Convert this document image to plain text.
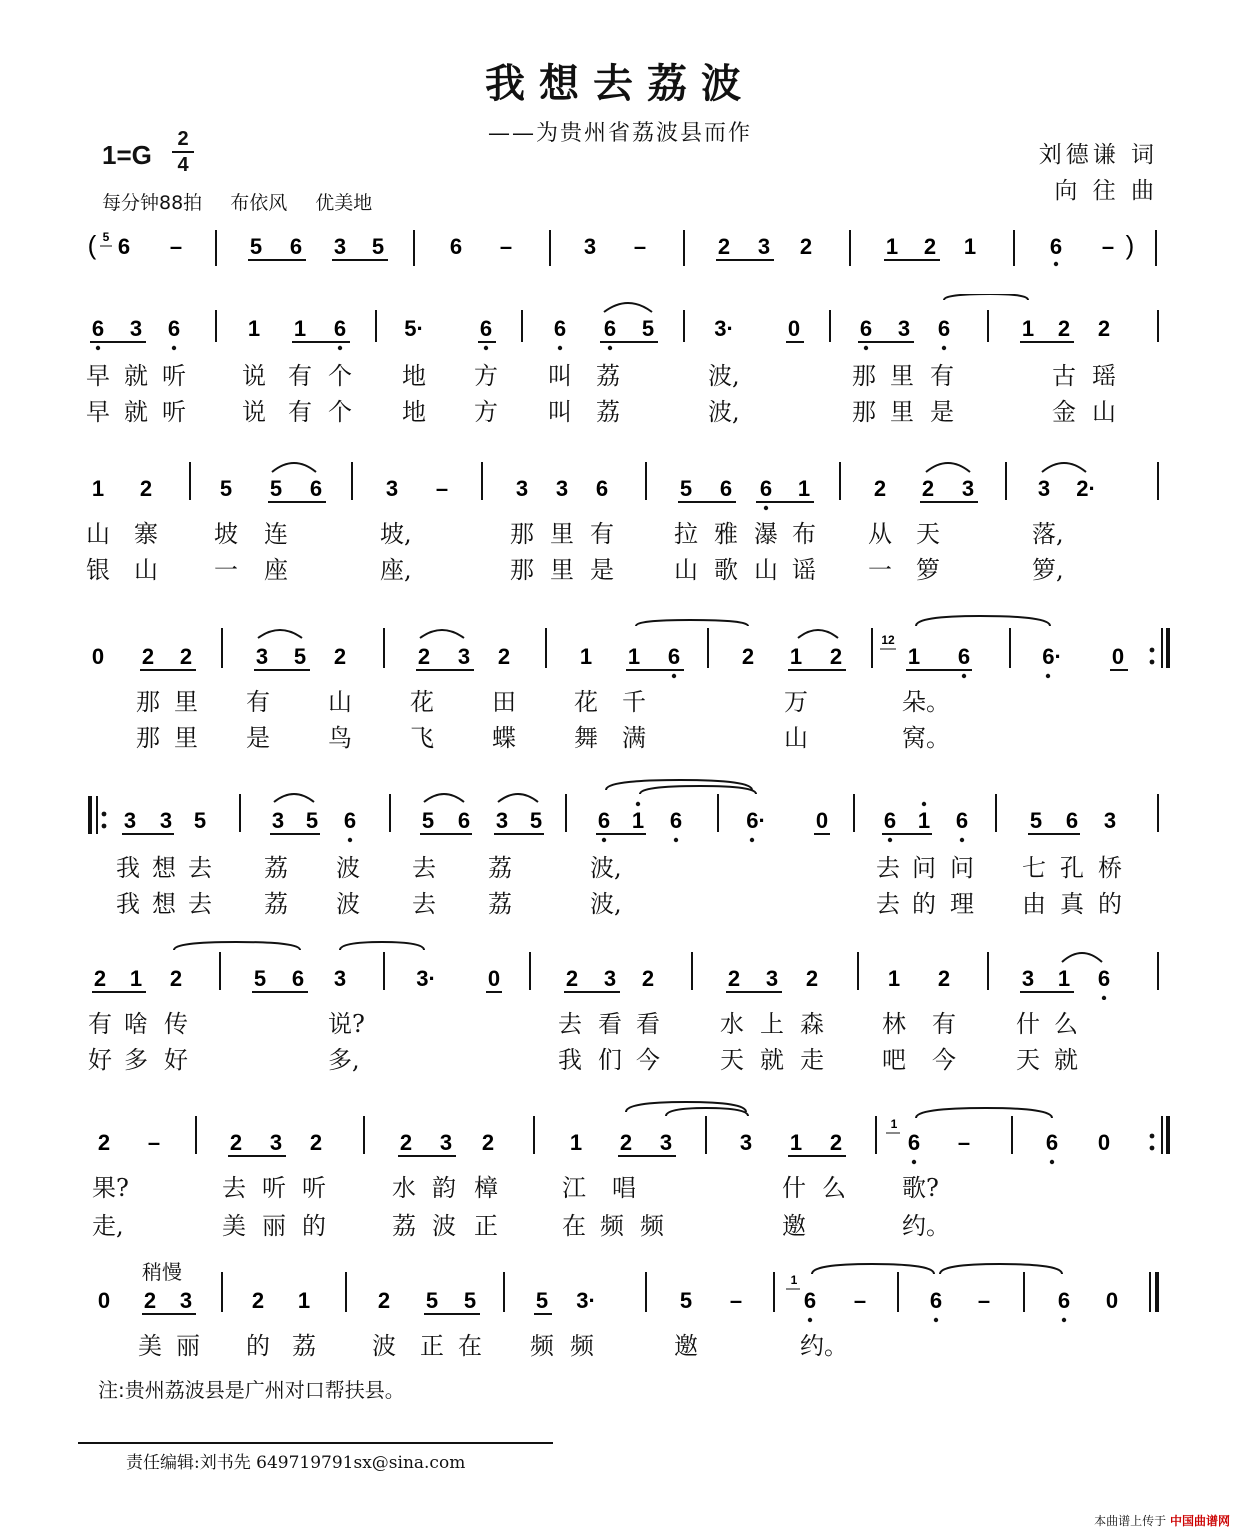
我想去荔波
——为贵州省荔波县而作
刘德谦 词
向 往 曲
1=G
2
4
每分钟88拍 布依风 优美地
( 5 6 –	5 6 3 5	6 –	3 –	2 3 2	1 2 1	6 – )
6 3 6	1 1 6	5·	6	6 6 5	3· 0	6 3 6	1 2 2
早 就 听 说 有 个 地 方 叫 荔	波,	那 里 有	古 瑶
早 就 听 说 有 个 地 方 叫 荔	波,	那 里 是	金 山
1 2	5 5 6	3 –	3 3 6	5 6 6 1	2 2 3	3 2·
山 寨 坡 连	坡,	那 里 有	拉 雅 瀑 布 从 天	落,
银 山 一 座	座,	那 里 是	山 歌 山 谣 一 箩	箩,
0 2 2	3 5 2	2 3 2	1 1 6	2 1 2
12
1 6	6· 0
那 里 有 山 花 田 花 千	万	朵。
那 里 是 鸟 飞 蝶 舞 满	山	窝。
3 3 5	3 5 6	5 6 3 5	6 1 6	6· 0	6 1 6	5 6 3
我 想 去 荔 波 去 荔	波,	去 问 问 七 孔 桥
我 想 去 荔 波 去 荔	波,	去 的 理 由 真 的
2 1 2	5 6 3	3· 0	2 3 2	2 3 2	1 2	3 1 6
有 啥 传	说?	去 看 看	水 上 森 林 有	什 么
好 多 好	多,	我 们 今	天 就 走 吧 今	天 就
2 –	2 3 2	2 3 2	1 2 3	3 1 2
1
6 –	6 0
果?	去 听 听	水 韵 樟	江 唱	什 么 歌?
走,	美 丽 的	荔 波 正	在 频 频	邀	约。
稍慢
0 2 3	2 1	2 5 5	5 3·	5 –
1
6 –	6 –	6 0
美 丽 的 荔 波 正 在 频 频	邀	约。
注:贵州荔波县是广州对口帮扶县。
责任编辑:刘书先 649719791sx@sina.com
本曲谱上传于 中国曲谱网
